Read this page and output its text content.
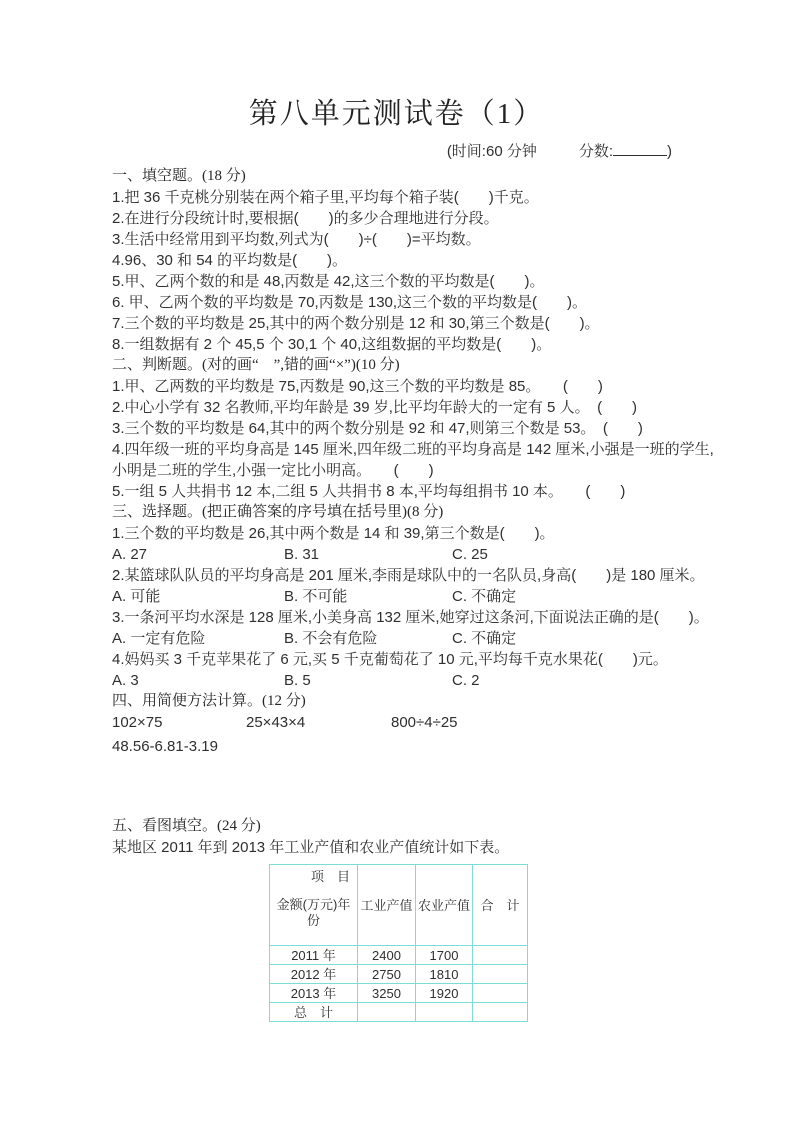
第八单元测试卷（1）
(时间:60 分钟	分数:	)
一、填空题。(18 分)
1.把 36 千克桃分别装在两个箱子里,平均每个箱子装(　　)千克。
2.在进行分段统计时,要根据(　　)的多少合理地进行分段。
3.生活中经常用到平均数,列式为(　　)÷(　　)=平均数。
4.96、30 和 54 的平均数是(　　)。
5.甲、乙两个数的和是 48,丙数是 42,这三个数的平均数是(　　)。
6. 甲、乙两个数的平均数是 70,丙数是 130,这三个数的平均数是(　　)。
7.三个数的平均数是 25,其中的两个数分别是 12 和 30,第三个数是(　　)。
8.一组数据有 2 个 45,5 个 30,1 个 40,这组数据的平均数是(　　)。
二、判断题。(对的画“　”,错的画“×”)(10 分)
1.甲、乙两数的平均数是 75,丙数是 90,这三个数的平均数是 85。　　(　　)
2.中心小学有 32 名教师,平均年龄是 39 岁,比平均年龄大的一定有 5 人。　(　　)
3.三个数的平均数是 64,其中的两个数分别是 92 和 47,则第三个数是 53。　(　　)
4.四年级一班的平均身高是 145 厘米,四年级二班的平均身高是 142 厘米,小强是一班的学生,
小明是二班的学生,小强一定比小明高。　　(　　)
5.一组 5 人共捐书 12 本,二组 5 人共捐书 8 本,平均每组捐书 10 本。　　(　　)
三、选择题。(把正确答案的序号填在括号里)(8 分)
1.三个数的平均数是 26,其中两个数是 14 和 39,第三个数是(　　)。
A. 27	B. 31	C. 25
2.某篮球队队员的平均身高是 201 厘米,李雨是球队中的一名队员,身高(　　)是 180 厘米。
A. 可能	B. 不可能	C. 不确定
3.一条河平均水深是 128 厘米,小美身高 132 厘米,她穿过这条河,下面说法正确的是(　　)。
A. 一定有危险	B. 不会有危险	C. 不确定
4.妈妈买 3 千克苹果花了 6 元,买 5 千克葡萄花了 10 元,平均每千克水果花(　　)元。
A. 3	B. 5	C. 2
四、用简便方法计算。(12 分)
102×75	25×43×4	800÷4÷25
48.56-6.81-3.19
五、看图填空。(24 分)
某地区 2011 年到 2013 年工业产值和农业产值统计如下表。
项　目
金额(万元)年份	工业产值	农业产值	合　计
2011 年	2400	1700	
2012 年	2750	1810	
2013 年	3250	1920	
总　计			
